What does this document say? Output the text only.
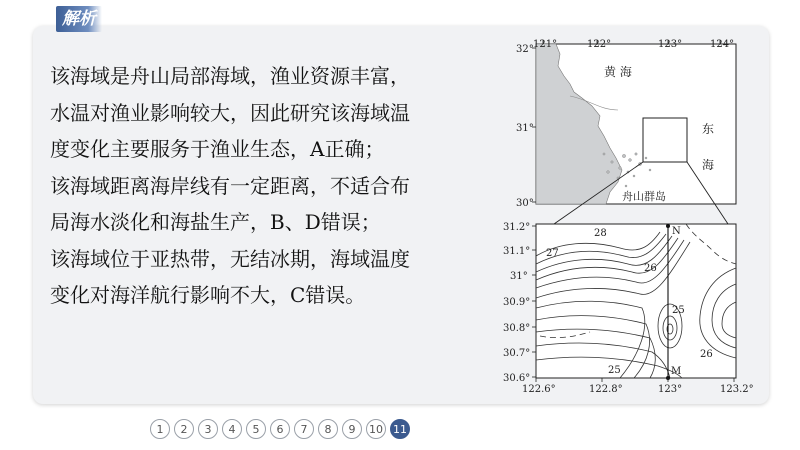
解析
该海域是舟山局部海域，渔业资源丰富，
水温对渔业影响较大，因此研究该海域温
度变化主要服务于渔业生态，A正确；
该海域距离海岸线有一定距离，不适合布
局海水淡化和海盐生产，B、D错误；
该海域位于亚热带，无结冰期，海域温度
变化对海洋航行影响不大，C错误。
121°	122°	123°	124°
32°
31°
30°
黄 海
东
海
舟山群岛
28
27
26
25
26
25
N
M
122.6°	122.8°	123°	123.2°
31.2°
31.1°
31°
30.9°
30.8°
30.7°
30.6°
1	2	3	4	5	6	7	8	9	10 11
